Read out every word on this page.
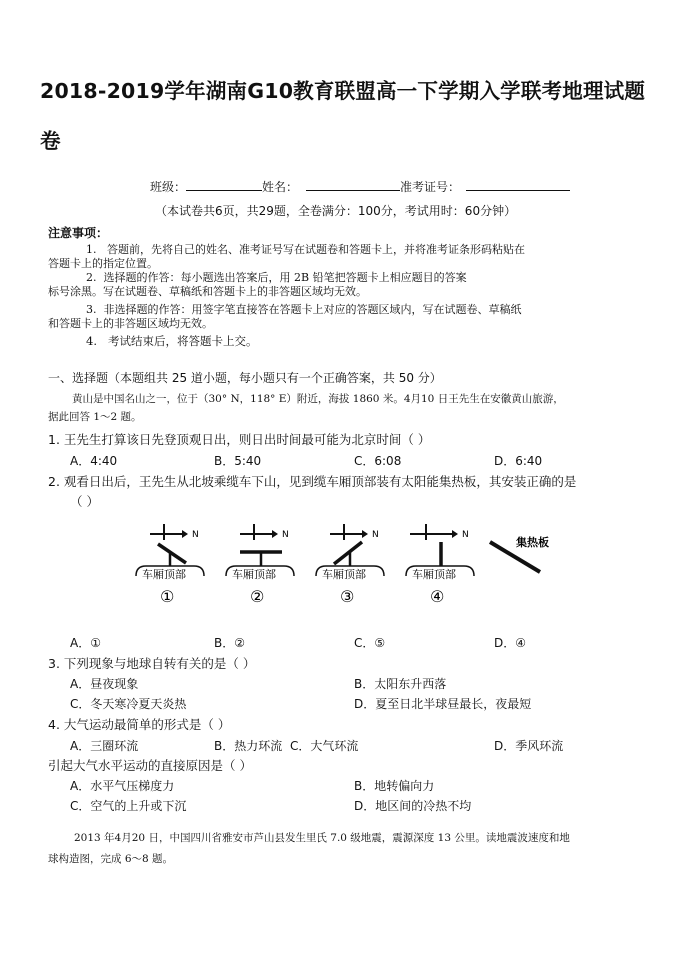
2018-2019学年湖南G10教育联盟高一下学期入学联考地理试题卷
班级：	姓名：	准考证号：
（本试卷共6页，共29题，全卷满分：100分，考试用时：60分钟）
注意事项：
1. 答题前，先将自己的姓名、准考证号写在试题卷和答题卡上，并将准考证条形码粘贴在
答题卡上的指定位置。
2. 选择题的作答：每小题选出答案后，用 2B 铅笔把答题卡上相应题目的答案
标号涂黑。写在试题卷、草稿纸和答题卡上的非答题区域均无效。
3. 非选择题的作答：用签字笔直接答在答题卡上对应的答题区域内，写在试题卷、草稿纸
和答题卡上的非答题区域均无效。
4. 考试结束后，将答题卡上交。
一、选择题（本题组共 25 道小题，每小题只有一个正确答案，共 50 分）
黄山是中国名山之一，位于（30° N，118° E）附近，海拔 1860 米。4月10 日王先生在安徽黄山旅游，
据此回答 1～2 题。
1. 王先生打算该日先登顶观日出，则日出时间最可能为北京时间（ ）
A．4:40	B．5:40	C．6:08	D．6:40
2. 观看日出后，王先生从北坡乘缆车下山，见到缆车厢顶部装有太阳能集热板，其安装正确的是
（ ）
N
车厢顶部
①
N
车厢顶部
②
N
车厢顶部
③
N
车厢顶部
④
集热板
A．①	B．②	C．⑤	D．④
3. 下列现象与地球自转有关的是（ ）
A．昼夜现象	B．太阳东升西落
C．冬天寒冷夏天炎热	D．夏至日北半球昼最长，夜最短
4. 大气运动最简单的形式是（ ）
A．三圈环流	B．热力环流 C．大气环流	D．季风环流
引起大气水平运动的直接原因是（ ）
A．水平气压梯度力	B．地转偏向力
C．空气的上升或下沉	D．地区间的冷热不均
2013 年4月20 日，中国四川省雅安市芦山县发生里氏 7.0 级地震，震源深度 13 公里。读地震波速度和地
球构造图，完成 6～8 题。
